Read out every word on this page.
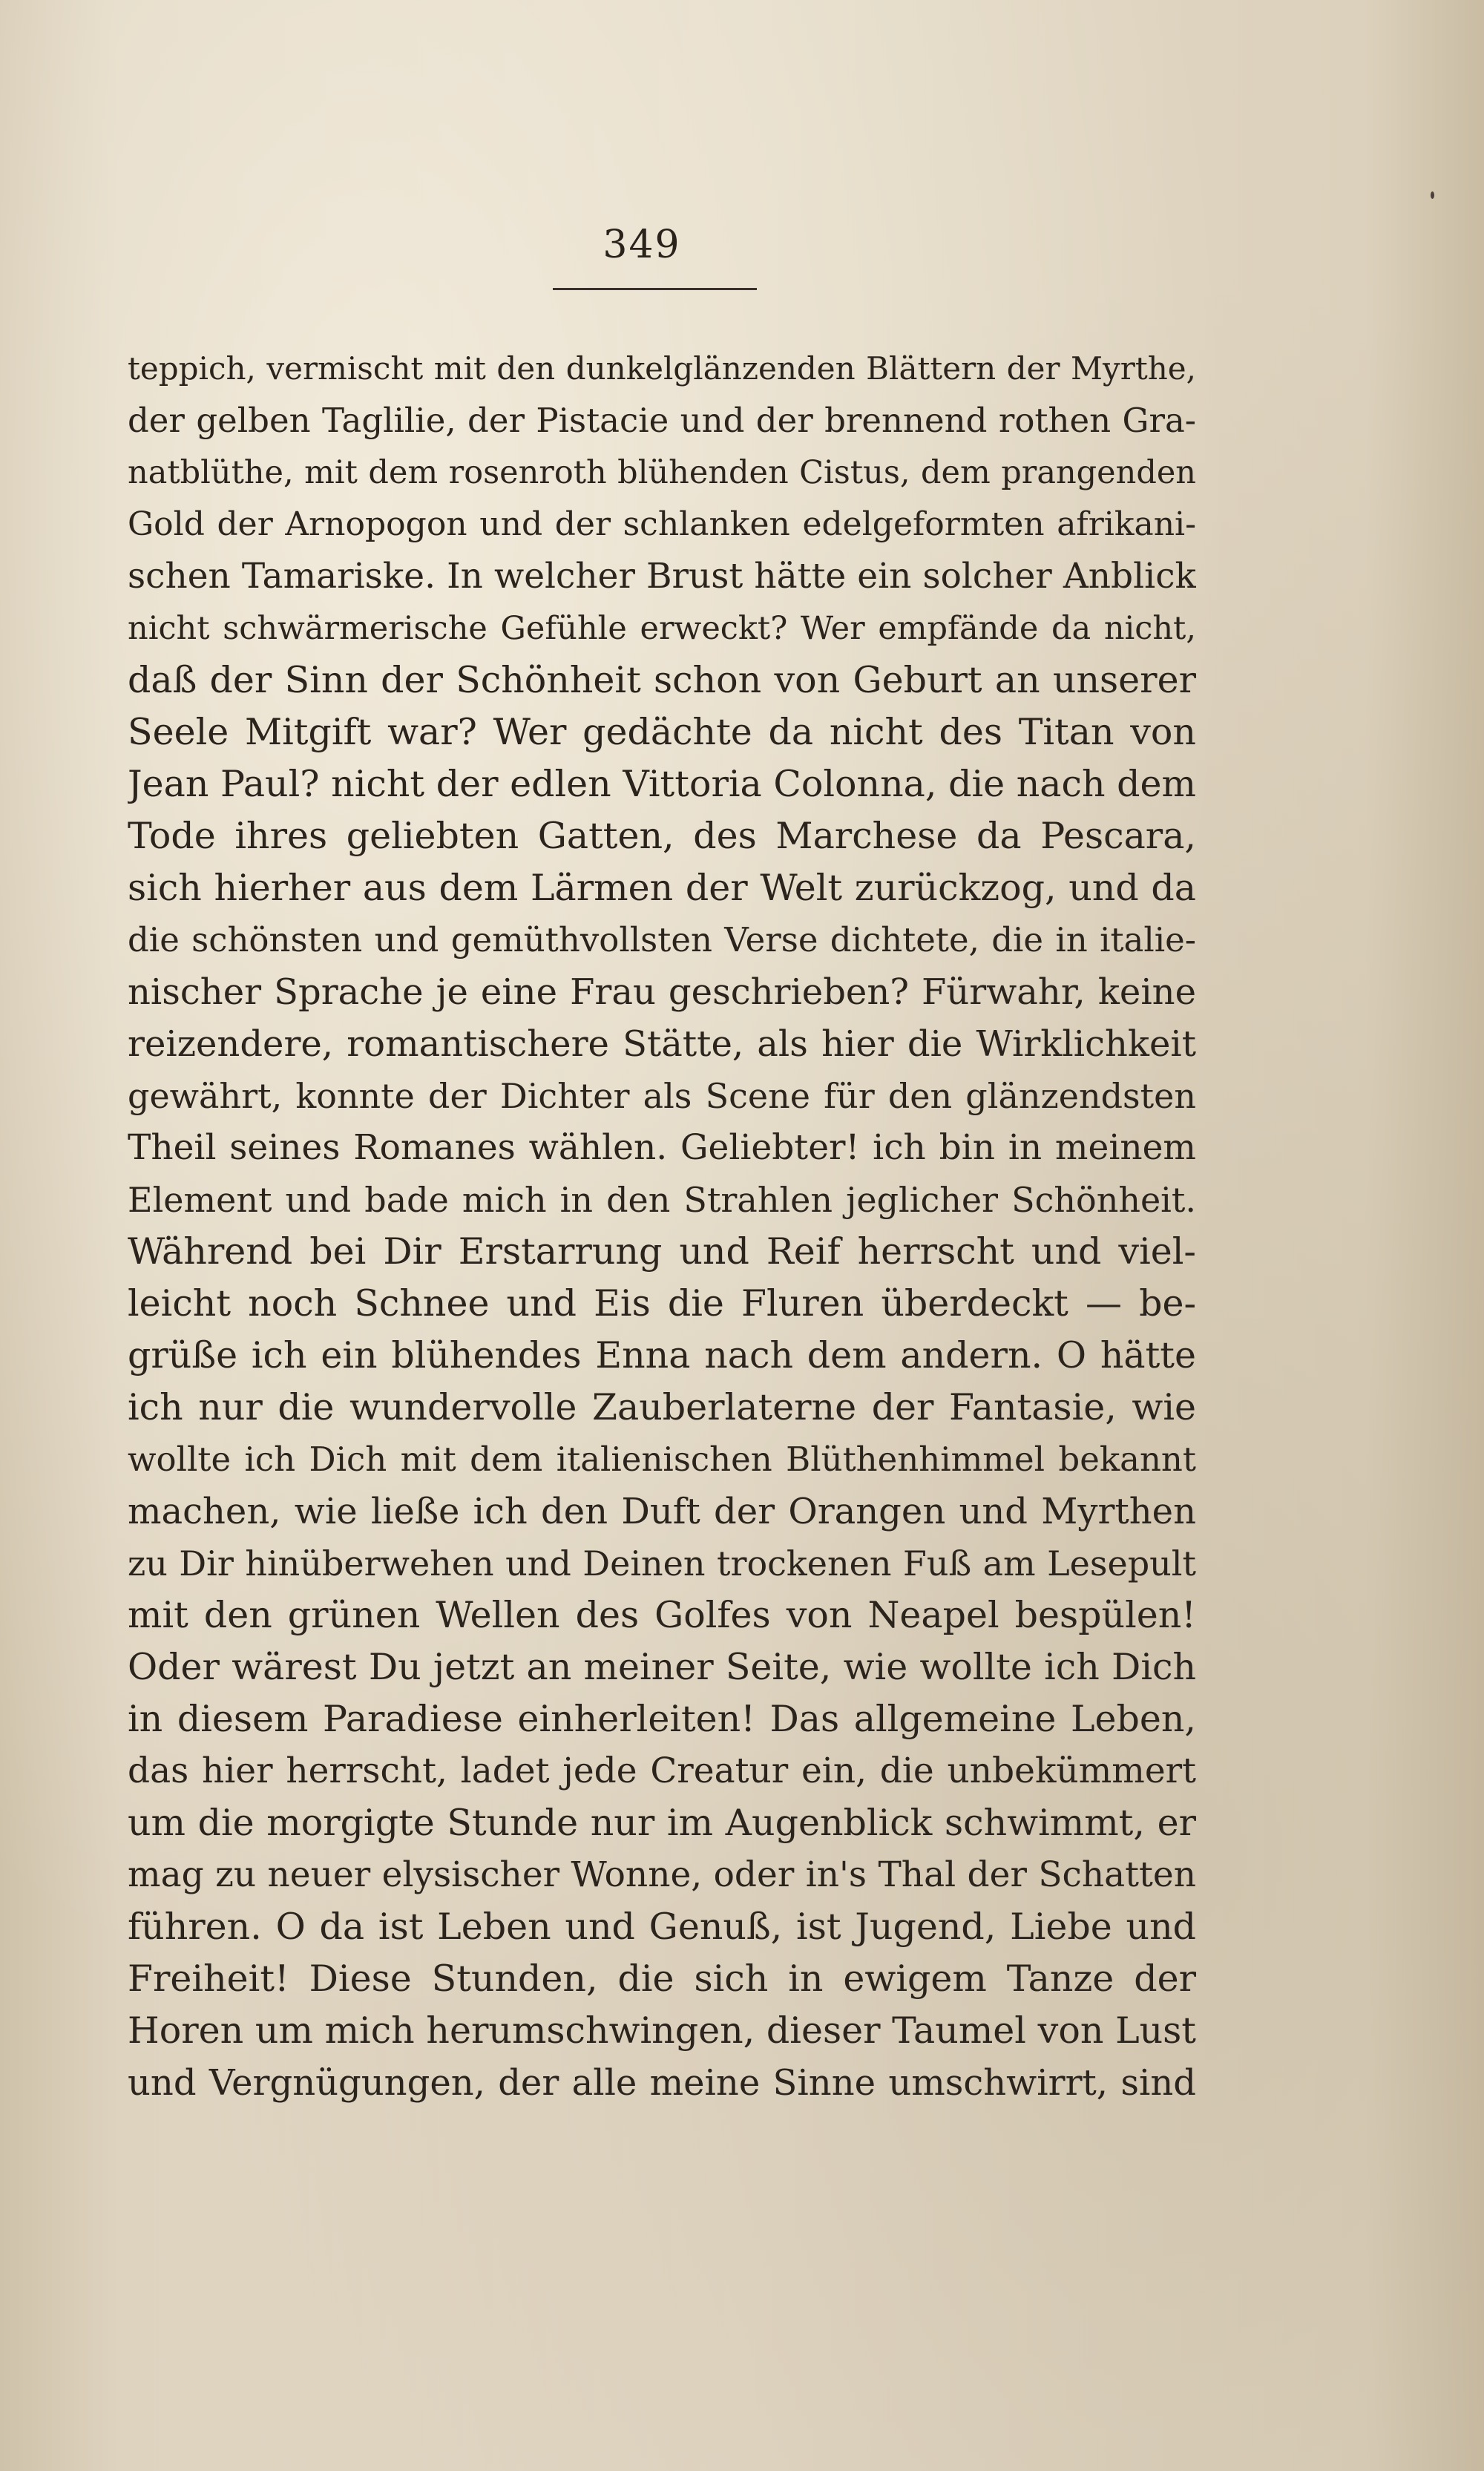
349
teppich, vermischt mit den dunkelglänzenden Blättern der Myrthe,
der gelben Taglilie, der Pistacie und der brennend rothen Gra-
natblüthe, mit dem rosenroth blühenden Cistus, dem prangenden
Gold der Arnopogon und der schlanken edelgeformten afrikani-
schen Tamariske. In welcher Brust hätte ein solcher Anblick
nicht schwärmerische Gefühle erweckt? Wer empfände da nicht,
daß der Sinn der Schönheit schon von Geburt an unserer
Seele Mitgift war? Wer gedächte da nicht des Titan von
Jean Paul? nicht der edlen Vittoria Colonna, die nach dem
Tode ihres geliebten Gatten, des Marchese da Pescara,
sich hierher aus dem Lärmen der Welt zurückzog, und da
die schönsten und gemüthvollsten Verse dichtete, die in italie-
nischer Sprache je eine Frau geschrieben? Fürwahr, keine
reizendere, romantischere Stätte, als hier die Wirklichkeit
gewährt, konnte der Dichter als Scene für den glänzendsten
Theil seines Romanes wählen. Geliebter! ich bin in meinem
Element und bade mich in den Strahlen jeglicher Schönheit.
Während bei Dir Erstarrung und Reif herrscht und viel-
leicht noch Schnee und Eis die Fluren überdeckt — be-
grüße ich ein blühendes Enna nach dem andern. O hätte
ich nur die wundervolle Zauberlaterne der Fantasie, wie
wollte ich Dich mit dem italienischen Blüthenhimmel bekannt
machen, wie ließe ich den Duft der Orangen und Myrthen
zu Dir hinüberwehen und Deinen trockenen Fuß am Lesepult
mit den grünen Wellen des Golfes von Neapel bespülen!
Oder wärest Du jetzt an meiner Seite, wie wollte ich Dich
in diesem Paradiese einherleiten! Das allgemeine Leben,
das hier herrscht, ladet jede Creatur ein, die unbekümmert
um die morgigte Stunde nur im Augenblick schwimmt, er
mag zu neuer elysischer Wonne, oder in's Thal der Schatten
führen. O da ist Leben und Genuß, ist Jugend, Liebe und
Freiheit! Diese Stunden, die sich in ewigem Tanze der
Horen um mich herumschwingen, dieser Taumel von Lust
und Vergnügungen, der alle meine Sinne umschwirrt, sind
